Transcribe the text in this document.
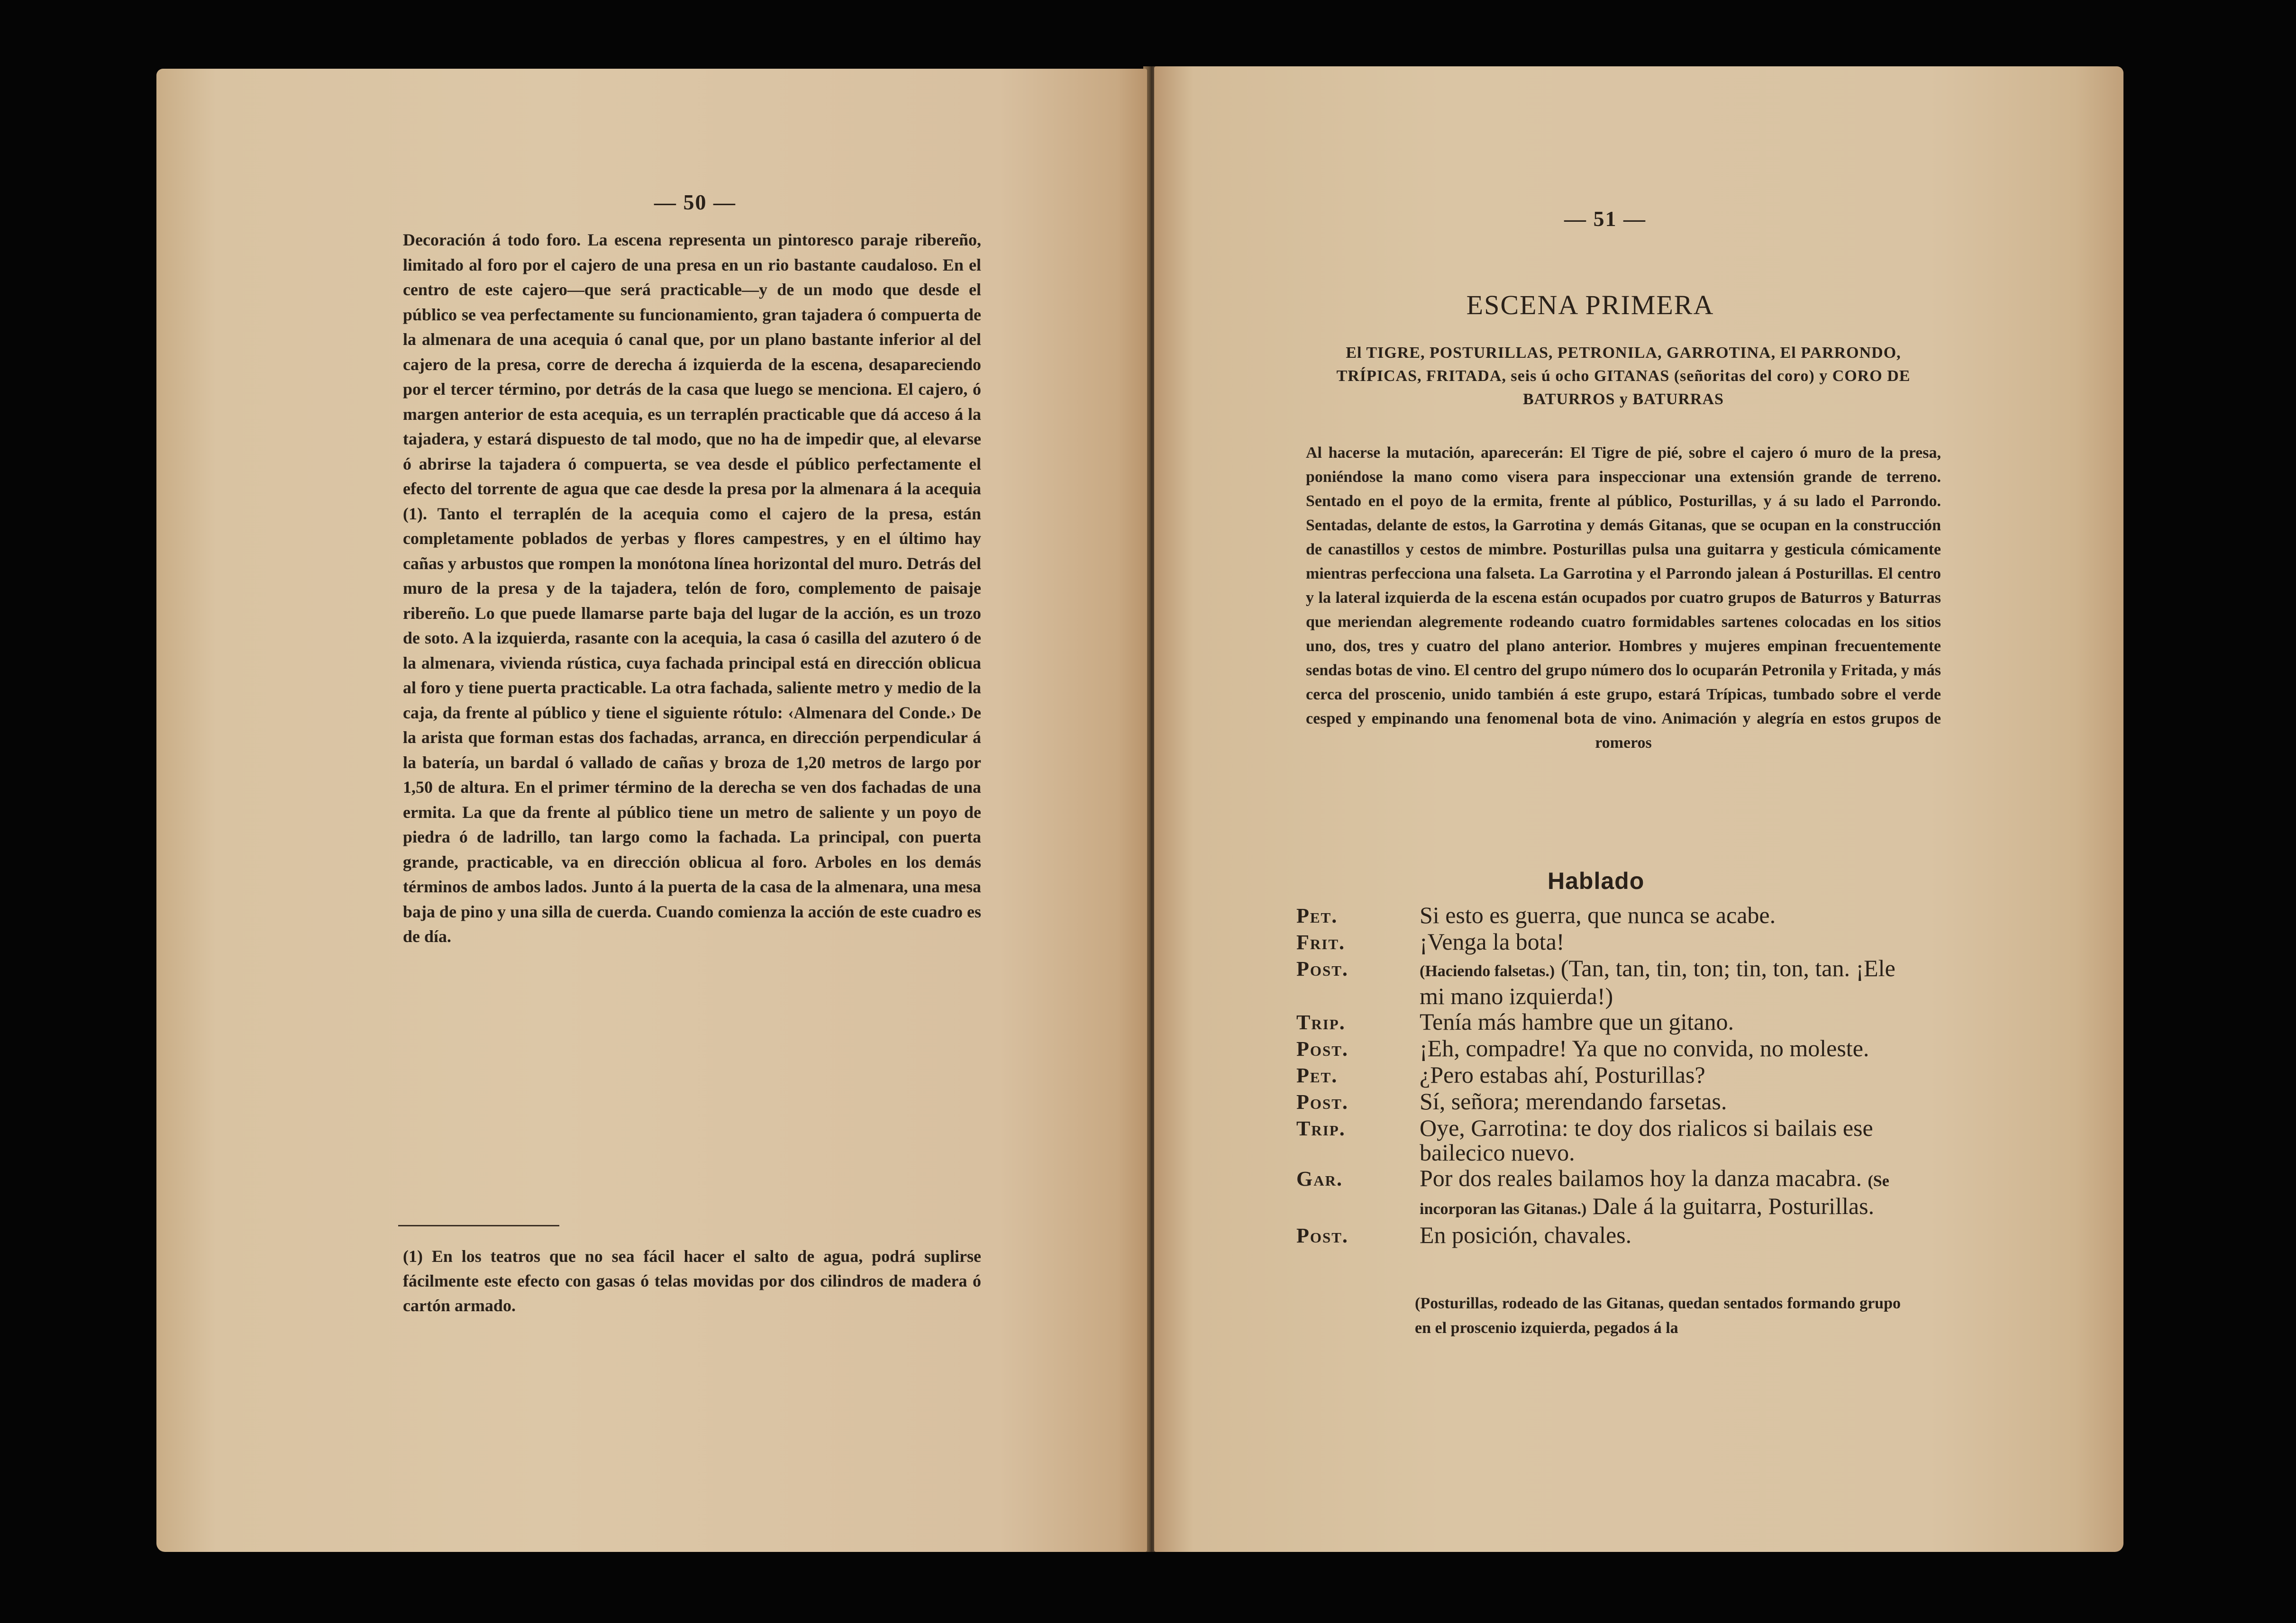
— 50 —
Decoración á todo foro. La escena representa un pintoresco paraje ribereño, limitado al foro por el cajero de una presa en un rio bastante caudaloso. En el centro de este cajero—que será practicable—y de un modo que desde el público se vea perfectamente su funcionamiento, gran tajadera ó compuerta de la almenara de una acequia ó canal que, por un plano bastante inferior al del cajero de la presa, corre de derecha á izquierda de la escena, desapareciendo por el tercer término, por detrás de la casa que luego se menciona. El cajero, ó margen anterior de esta acequia, es un terraplén practicable que dá acceso á la tajadera, y estará dispuesto de tal modo, que no ha de impedir que, al elevarse ó abrirse la tajadera ó compuerta, se vea desde el público perfectamente el efecto del torrente de agua que cae desde la presa por la almenara á la acequia (1). Tanto el terraplén de la acequia como el cajero de la presa, están completamente poblados de yerbas y flores campestres, y en el último hay cañas y arbustos que rompen la monótona línea horizontal del muro. Detrás del muro de la presa y de la tajadera, telón de foro, complemento de paisaje ribereño. Lo que puede llamarse parte baja del lugar de la acción, es un trozo de soto. A la izquierda, rasante con la acequia, la casa ó casilla del azutero ó de la almenara, vivienda rústica, cuya fachada principal está en dirección oblicua al foro y tiene puerta practicable. La otra fachada, saliente metro y medio de la caja, da frente al público y tiene el siguiente rótulo: ‹Almenara del Conde.› De la arista que forman estas dos fachadas, arranca, en dirección perpendicular á la batería, un bardal ó vallado de cañas y broza de 1,20 metros de largo por 1,50 de altura. En el primer término de la derecha se ven dos fachadas de una ermita. La que da frente al público tiene un metro de saliente y un poyo de piedra ó de ladrillo, tan largo como la fachada. La principal, con puerta grande, practicable, va en dirección oblicua al foro. Arboles en los demás términos de ambos lados. Junto á la puerta de la casa de la almenara, una mesa baja de pino y una silla de cuerda. Cuando comienza la acción de este cuadro es de día.
(1) En los teatros que no sea fácil hacer el salto de agua, podrá suplirse fácilmente este efecto con gasas ó telas movidas por dos cilindros de madera ó cartón armado.
— 51 —
ESCENA PRIMERA
El TIGRE, POSTURILLAS, PETRONILA, GARROTINA, El PARRONDO, TRÍPICAS, FRITADA, seis ú ocho GITANAS (señoritas del coro) y CORO DE BATURROS y BATURRAS
Al hacerse la mutación, aparecerán: El Tigre de pié, sobre el cajero ó muro de la presa, poniéndose la mano como visera para inspeccionar una extensión grande de terreno. Sentado en el poyo de la ermita, frente al público, Posturillas, y á su lado el Parrondo. Sentadas, delante de estos, la Garrotina y demás Gitanas, que se ocupan en la construcción de canastillos y cestos de mimbre. Posturillas pulsa una guitarra y gesticula cómicamente mientras perfecciona una falseta. La Garrotina y el Parrondo jalean á Posturillas. El centro y la lateral izquierda de la escena están ocupados por cuatro grupos de Baturros y Baturras que meriendan alegremente rodeando cuatro formidables sartenes colocadas en los sitios uno, dos, tres y cuatro del plano anterior. Hombres y mujeres empinan frecuentemente sendas botas de vino. El centro del grupo número dos lo ocuparán Petronila y Fritada, y más cerca del proscenio, unido también á este grupo, estará Trípicas, tumbado sobre el verde cesped y empinando una fenomenal bota de vino. Animación y alegría en estos grupos de romeros
Hablado
Pet.	Si esto es guerra, que nunca se acabe.
Frit.	¡Venga la bota!
Post.	(Haciendo falsetas.) (Tan, tan, tin, ton; tin, ton, tan. ¡Ele mi mano izquierda!)
Trip.	Tenía más hambre que un gitano.
Post.	¡Eh, compadre! Ya que no convida, no moleste.
Pet.	¿Pero estabas ahí, Posturillas?
Post.	Sí, señora; merendando farsetas.
Trip.	Oye, Garrotina: te doy dos rialicos si bailais ese bailecico nuevo.
Gar.	Por dos reales bailamos hoy la danza macabra. (Se incorporan las Gitanas.) Dale á la guitarra, Posturillas.
Post.	En posición, chavales.
(Posturillas, rodeado de las Gitanas, quedan sentados formando grupo en el proscenio izquierda, pegados á la
